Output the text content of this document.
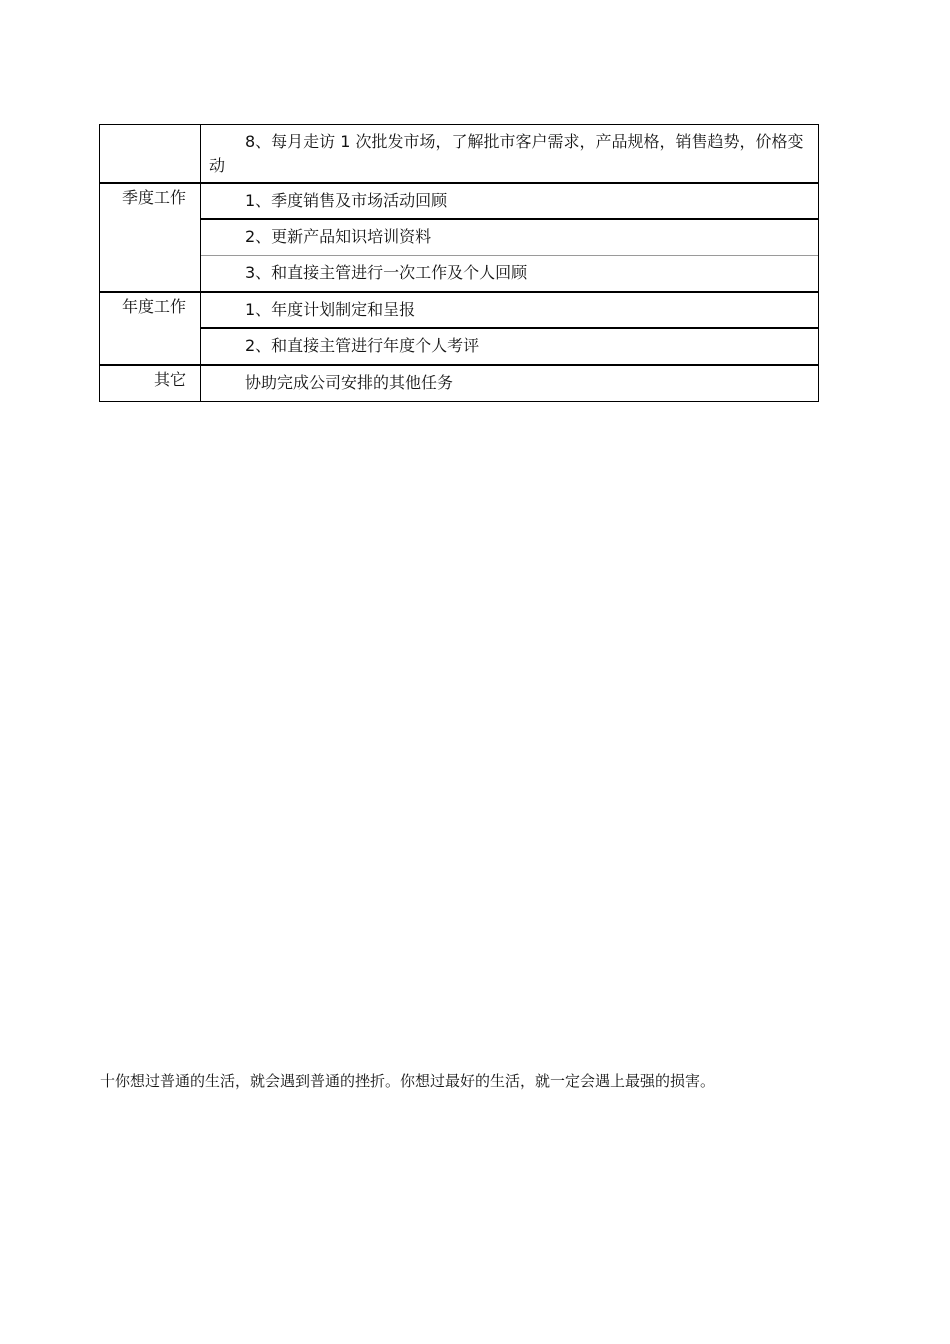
	8、每月走访 1 次批发市场，了解批市客户需求，产品规格，销售趋势，价格变动

季度工作	1、季度销售及市场活动回顾
	2、更新产品知识培训资料
	3、和直接主管进行一次工作及个人回顾

年度工作	1、年度计划制定和呈报
	2、和直接主管进行年度个人考评

其它	协助完成公司安排的其他任务
十你想过普通的生活，就会遇到普通的挫折。你想过最好的生活，就一定会遇上最强的损害。
